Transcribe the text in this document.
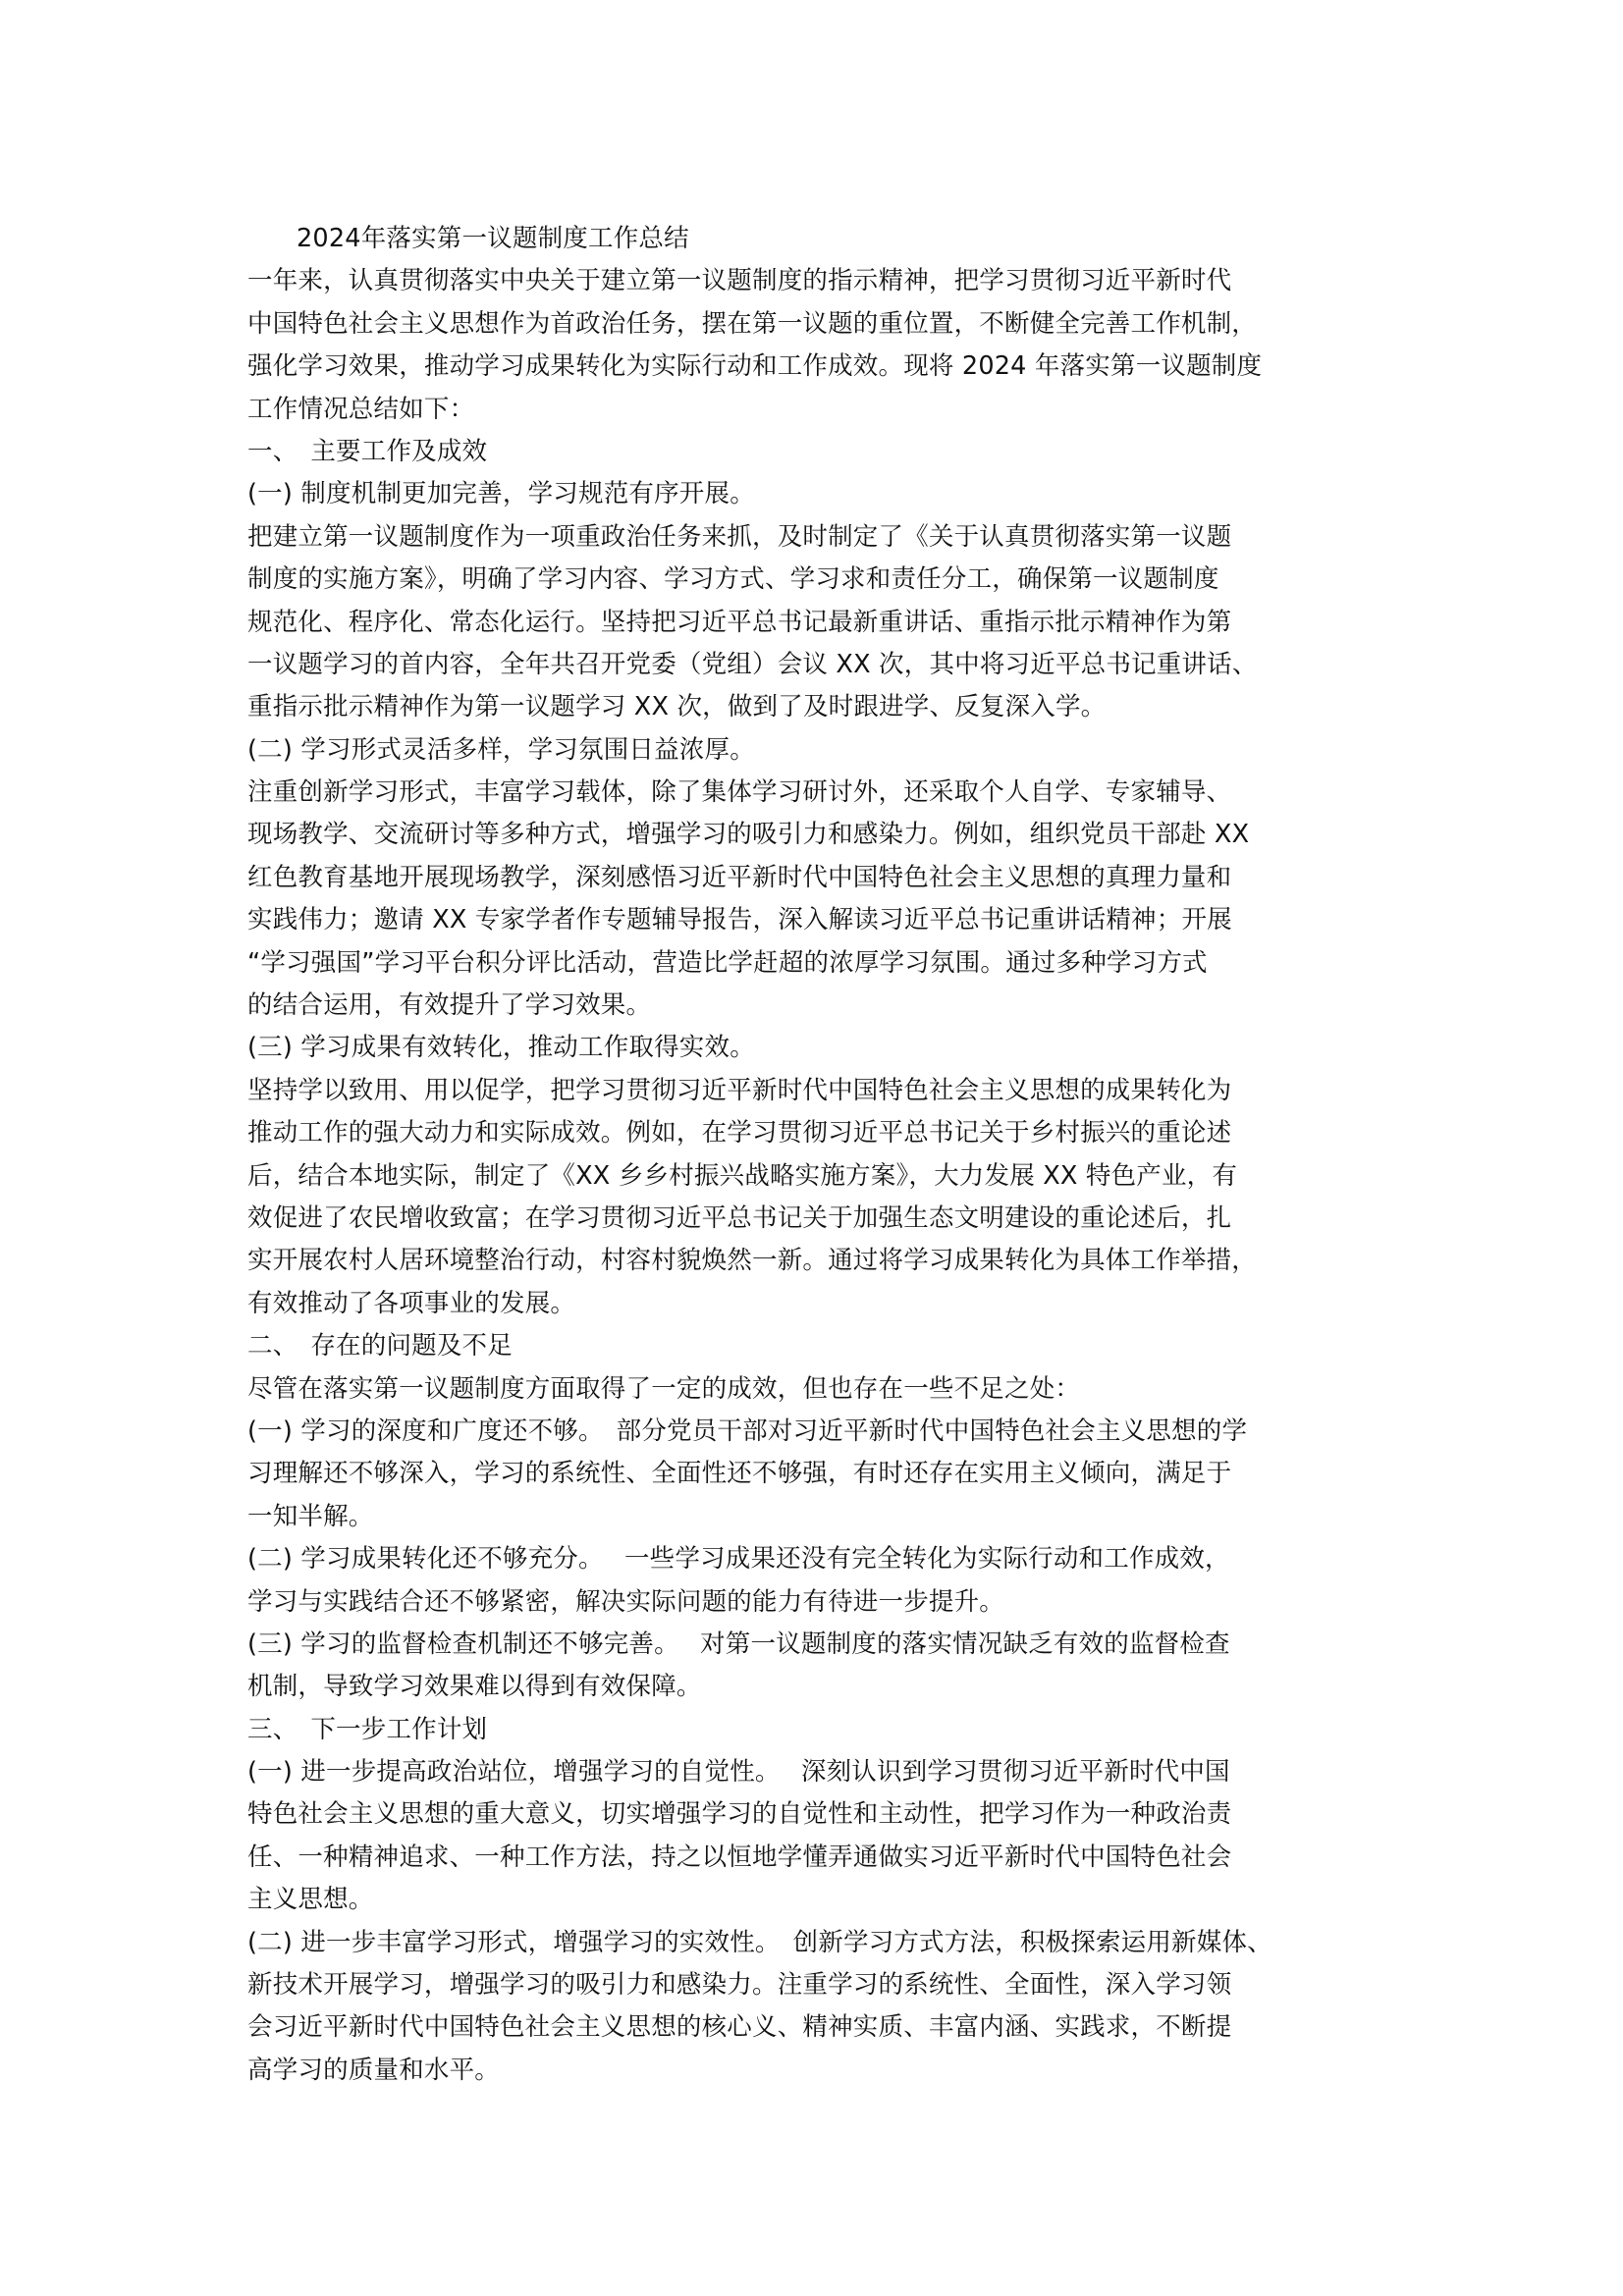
2024年落实第一议题制度工作总结
一年来，认真贯彻落实中央关于建立第一议题制度的指示精神，把学习贯彻习近平新时代
中国特色社会主义思想作为首政治任务，摆在第一议题的重位置，不断健全完善工作机制，
强化学习效果，推动学习成果转化为实际行动和工作成效。现将 2024 年落实第一议题制度
工作情况总结如下：
一、　主要工作及成效
(一) 制度机制更加完善，学习规范有序开展。
把建立第一议题制度作为一项重政治任务来抓，及时制定了《关于认真贯彻落实第一议题
制度的实施方案》，明确了学习内容、学习方式、学习求和责任分工，确保第一议题制度
规范化、程序化、常态化运行。坚持把习近平总书记最新重讲话、重指示批示精神作为第
一议题学习的首内容，全年共召开党委（党组）会议 XX 次，其中将习近平总书记重讲话、
重指示批示精神作为第一议题学习 XX 次，做到了及时跟进学、反复深入学。
(二) 学习形式灵活多样，学习氛围日益浓厚。
注重创新学习形式，丰富学习载体，除了集体学习研讨外，还采取个人自学、专家辅导、
现场教学、交流研讨等多种方式，增强学习的吸引力和感染力。例如，组织党员干部赴 XX
红色教育基地开展现场教学，深刻感悟习近平新时代中国特色社会主义思想的真理力量和
实践伟力；邀请 XX 专家学者作专题辅导报告，深入解读习近平总书记重讲话精神；开展
“学习强国”学习平台积分评比活动，营造比学赶超的浓厚学习氛围。通过多种学习方式
的结合运用，有效提升了学习效果。
(三) 学习成果有效转化，推动工作取得实效。
坚持学以致用、用以促学，把学习贯彻习近平新时代中国特色社会主义思想的成果转化为
推动工作的强大动力和实际成效。例如，在学习贯彻习近平总书记关于乡村振兴的重论述
后，结合本地实际，制定了《XX 乡乡村振兴战略实施方案》，大力发展 XX 特色产业，有
效促进了农民增收致富；在学习贯彻习近平总书记关于加强生态文明建设的重论述后，扎
实开展农村人居环境整治行动，村容村貌焕然一新。通过将学习成果转化为具体工作举措，
有效推动了各项事业的发展。
二、　存在的问题及不足
尽管在落实第一议题制度方面取得了一定的成效，但也存在一些不足之处：
(一) 学习的深度和广度还不够。　部分党员干部对习近平新时代中国特色社会主义思想的学
习理解还不够深入，学习的系统性、全面性还不够强，有时还存在实用主义倾向，满足于
一知半解。
(二) 学习成果转化还不够充分。　 一些学习成果还没有完全转化为实际行动和工作成效，
学习与实践结合还不够紧密，解决实际问题的能力有待进一步提升。
(三) 学习的监督检查机制还不够完善。　 对第一议题制度的落实情况缺乏有效的监督检查
机制，导致学习效果难以得到有效保障。
三、　下一步工作计划
(一) 进一步提高政治站位，增强学习的自觉性。　 深刻认识到学习贯彻习近平新时代中国
特色社会主义思想的重大意义，切实增强学习的自觉性和主动性，把学习作为一种政治责
任、一种精神追求、一种工作方法，持之以恒地学懂弄通做实习近平新时代中国特色社会
主义思想。
(二) 进一步丰富学习形式，增强学习的实效性。　创新学习方式方法，积极探索运用新媒体、
新技术开展学习，增强学习的吸引力和感染力。注重学习的系统性、全面性，深入学习领
会习近平新时代中国特色社会主义思想的核心义、精神实质、丰富内涵、实践求，不断提
高学习的质量和水平。
